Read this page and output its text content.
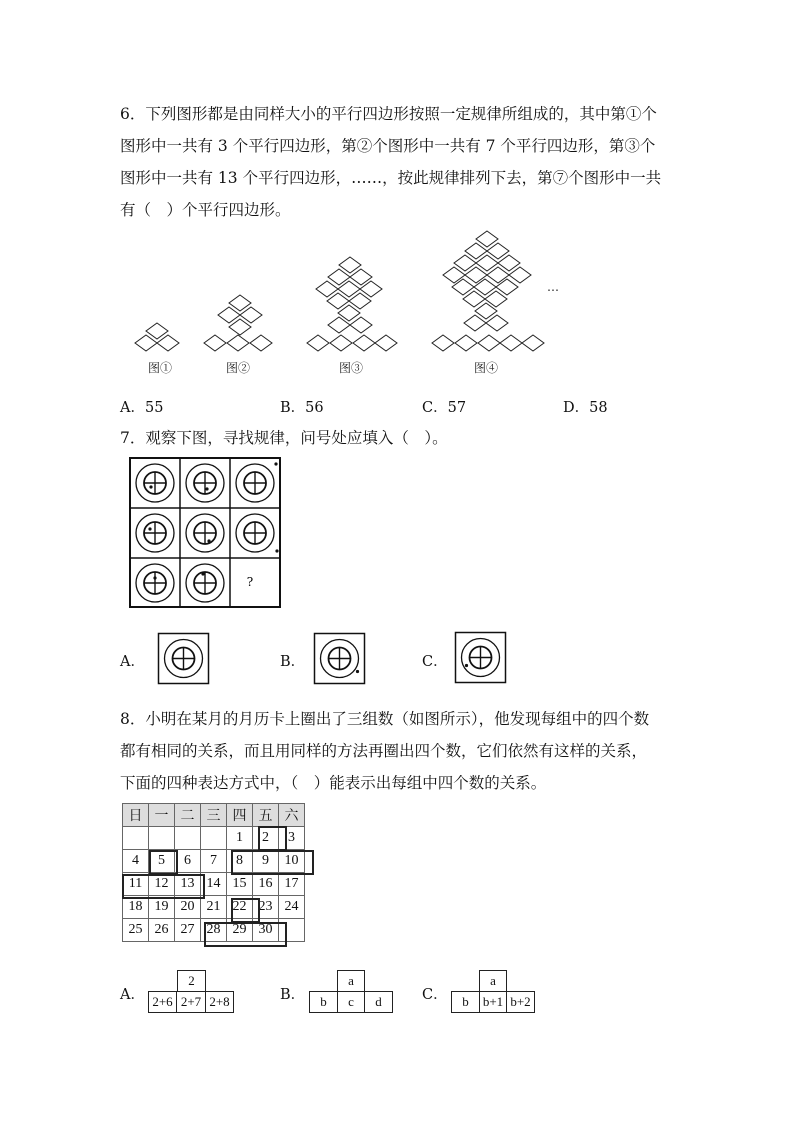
6．下列图形都是由同样大小的平行四边形按照一定规律所组成的，其中第①个
图形中一共有 3 个平行四边形，第②个图形中一共有 7 个平行四边形，第③个
图形中一共有 13 个平行四边形，……，按此规律排列下去，第⑦个图形中一共
有（　）个平行四边形。
图①	图②	图③	图④
…
A．55	B．56	C．57	D．58
7．观察下图，寻找规律，问号处应填入（　）。
?
A．	B．	C．
8．小明在某月的月历卡上圈出了三组数（如图所示），他发现每组中的四个数
都有相同的关系，而且用同样的方法再圈出四个数，它们依然有这样的关系，
下面的四种表达方式中，（　）能表示出每组中四个数的关系。
日	一	二	三	四	五	六
				1	2	3
4	5	6	7	8	9	10
11	12	13	14	15	16	17
18	19	20	21	22	23	24
25	26	27	28	29	30	
A．
2
2+6 2+7 2+8	B．
a
b	c	d	C．
a
b	b+1 b+2
